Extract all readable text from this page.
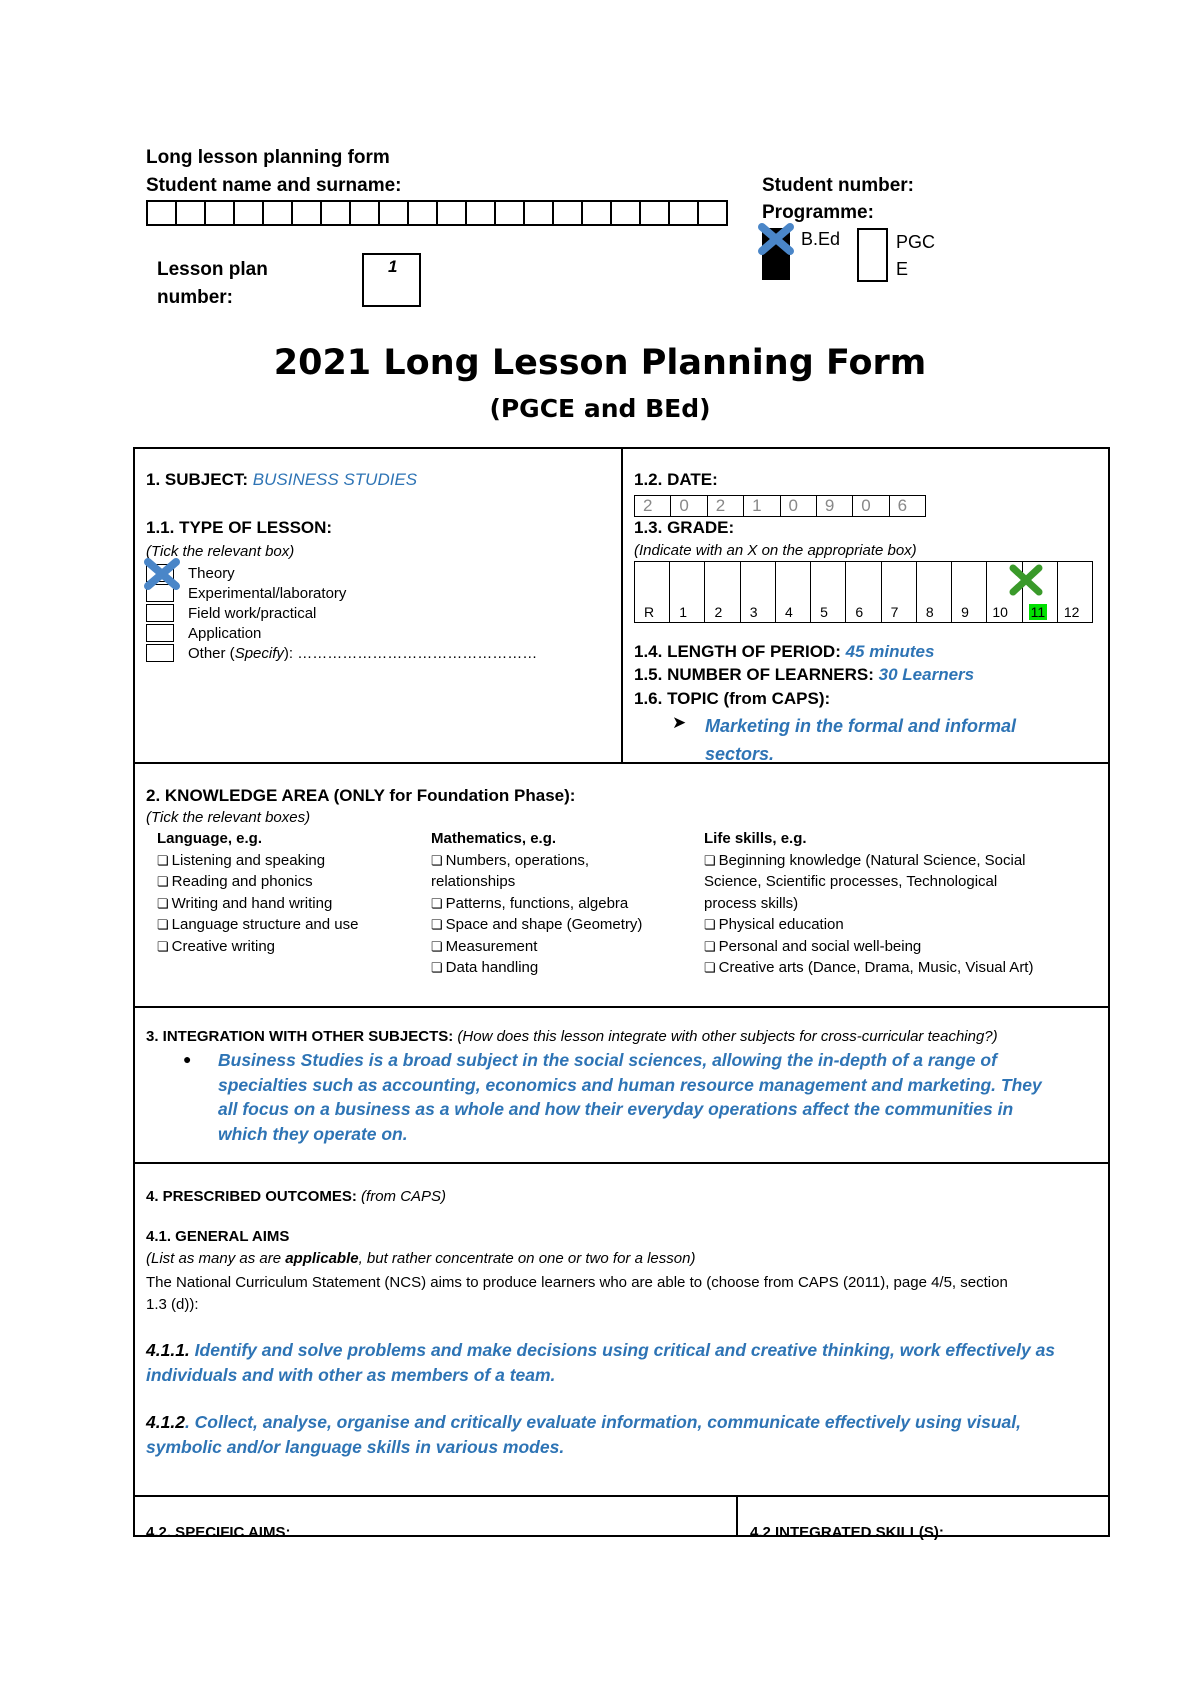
Long lesson planning form
Student name and surname:
Lesson plan
number:
1
Student number:
Programme:
B.Ed	PGC
E
2021 Long Lesson Planning Form
(PGCE and BEd)
1. SUBJECT: BUSINESS STUDIES
1.1. TYPE OF LESSON:
(Tick the relevant box)
Theory
Experimental/laboratory
Field work/practical
Application
Other ( Specify ): …………………………………………
1.2. DATE:
2	0	2	1	0	9	0	6
1.3. GRADE:
(Indicate with an X on the appropriate box)
R 1 2 3 4 5 6 7 8 9 10 11 12
1.4. LENGTH OF PERIOD: 45 minutes
1.5. NUMBER OF LEARNERS: 30 Learners
1.6. TOPIC (from CAPS):
➤ Marketing in the formal and informal
sectors.
2. KNOWLEDGE AREA (ONLY for Foundation Phase):
(Tick the relevant boxes)
Language, e.g.
❏ Listening and speaking
❏ Reading and phonics
❏ Writing and hand writing
❏ Language structure and use
❏ Creative writing
Mathematics, e.g.
❏ Numbers, operations,
relationships
❏ Patterns, functions, algebra
❏ Space and shape (Geometry)
❏ Measurement
❏ Data handling
Life skills, e.g.
❏ Beginning knowledge (Natural Science, Social
Science, Scientific processes, Technological
process skills)
❏ Physical education
❏ Personal and social well-being
❏ Creative arts (Dance, Drama, Music, Visual Art)
3. INTEGRATION WITH OTHER SUBJECTS: (How does this lesson integrate with other subjects for cross-curricular teaching?)
● Business Studies is a broad subject in the social sciences, allowing the in-depth of a range of
specialties such as accounting, economics and human resource management and marketing. They
all focus on a business as a whole and how their everyday operations affect the communities in
which they operate on.
4. PRESCRIBED OUTCOMES: (from CAPS)
4.1. GENERAL AIMS
(List as many as are applicable, but rather concentrate on one or two for a lesson)
The National Curriculum Statement (NCS) aims to produce learners who are able to (choose from CAPS (2011), page 4/5, section
1.3 (d)):
4.1.1. Identify and solve problems and make decisions using critical and creative thinking, work effectively as
individuals and with other as members of a team.
4.1.2. Collect, analyse, organise and critically evaluate information, communicate effectively using visual,
symbolic and/or language skills in various modes.
4.2. SPECIFIC AIMS:	4.2 INTEGRATED SKILL(S):
